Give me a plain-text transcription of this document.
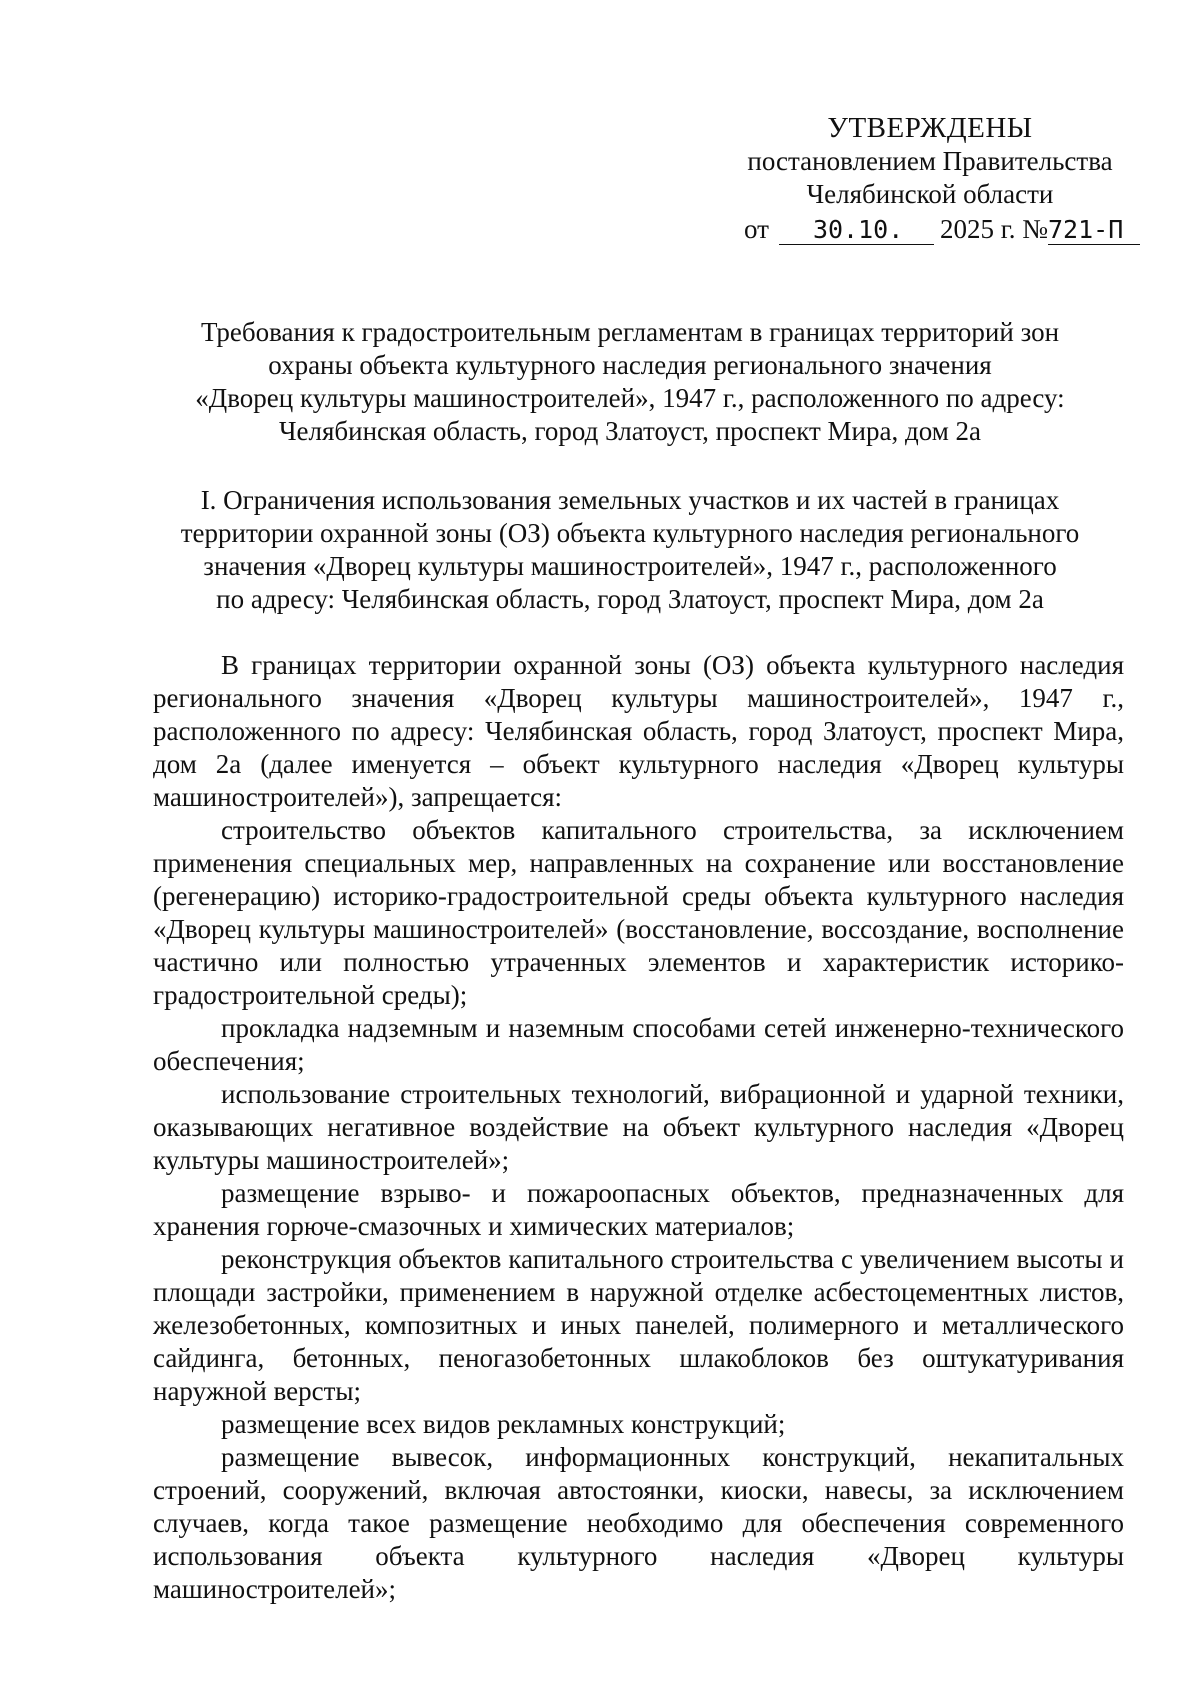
УТВЕРЖДЕНЫ
постановлением Правительства
Челябинской области
от 30.10. 2025 г. №721-П
Требования к градостроительным регламентам в границах территорий зон
охраны объекта культурного наследия регионального значения
«Дворец культуры машиностроителей», 1947 г., расположенного по адресу:
Челябинская область, город Златоуст, проспект Мира, дом 2а
I. Ограничения использования земельных участков и их частей в границах
территории охранной зоны (ОЗ) объекта культурного наследия регионального
значения «Дворец культуры машиностроителей», 1947 г., расположенного
по адресу: Челябинская область, город Златоуст, проспект Мира, дом 2а

В границах территории охранной зоны (ОЗ) объекта культурного наследия регионального значения «Дворец культуры машиностроителей», 1947 г., расположенного по адресу: Челябинская область, город Златоуст, проспект Мира, дом 2а (далее именуется – объект культурного наследия «Дворец культуры машиностроителей»), запрещается:

строительство объектов капитального строительства, за исключением применения специальных мер, направленных на сохранение или восстановление (регенерацию) историко-градостроительной среды объекта культурного наследия «Дворец культуры машиностроителей» (восстановление, воссоздание, восполнение частично или полностью утраченных элементов и характеристик историко-градостроительной среды);

прокладка надземным и наземным способами сетей инженерно-технического обеспечения;

использование строительных технологий, вибрационной и ударной техники, оказывающих негативное воздействие на объект культурного наследия «Дворец культуры машиностроителей»;

размещение взрыво- и пожароопасных объектов, предназначенных для хранения горюче-смазочных и химических материалов;

реконструкция объектов капитального строительства с увеличением высоты и площади застройки, применением в наружной отделке асбестоцементных листов, железобетонных, композитных и иных панелей, полимерного и металлического сайдинга, бетонных, пеногазобетонных шлакоблоков без оштукатуривания наружной версты;

размещение всех видов рекламных конструкций;

размещение вывесок, информационных конструкций, некапитальных строений, сооружений, включая автостоянки, киоски, навесы, за исключением случаев, когда такое размещение необходимо для обеспечения современного использования объекта культурного наследия «Дворец культуры машиностроителей»;
